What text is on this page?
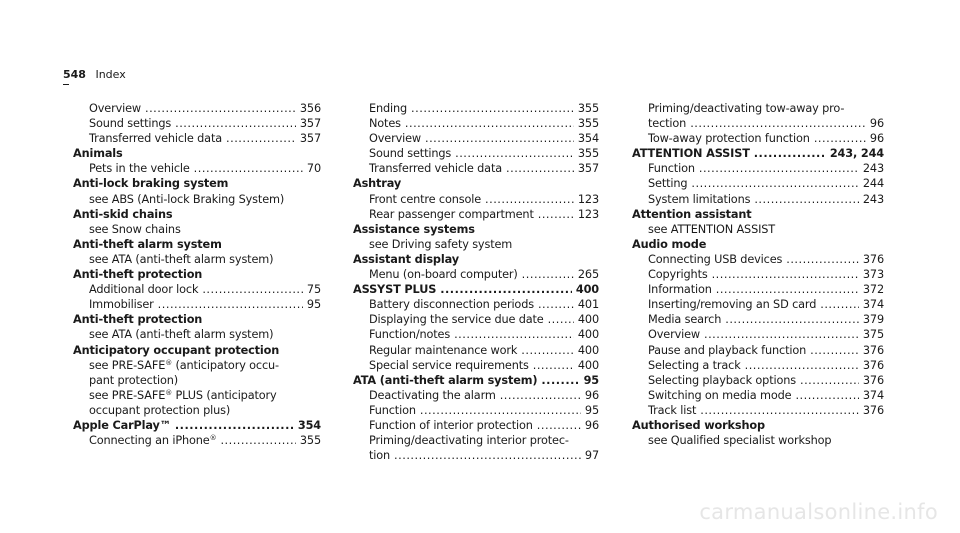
548 Index
Overview .....	356
Sound settings .....	357
Transferred vehicle data .....	357
Animals
Pets in the vehicle .....	70
Anti-lock braking system
see ABS (Anti-lock Braking System)
Anti-skid chains
see Snow chains
Anti-theft alarm system
see ATA (anti-theft alarm system)
Anti-theft protection
Additional door lock .....	75
Immobiliser .....	95
Anti-theft protection
see ATA (anti-theft alarm system)
Anticipatory occupant protection
see PRE-SAFE® (anticipatory occu-
pant protection)
see PRE-SAFE® PLUS (anticipatory
occupant protection plus)
Apple CarPlay™ .....	354
Connecting an iPhone® .....	355
Ending .....	355
Notes .....	355
Overview .....	354
Sound settings .....	355
Transferred vehicle data .....	357
Ashtray
Front centre console .....	123
Rear passenger compartment .....	123
Assistance systems
see Driving safety system
Assistant display
Menu (on-board computer) .....	265
ASSYST PLUS .....	400
Battery disconnection periods .....	401
Displaying the service due date .....	400
Function/notes .....	400
Regular maintenance work .....	400
Special service requirements .....	400
ATA (anti-theft alarm system) .....	95
Deactivating the alarm .....	96
Function .....	95
Function of interior protection .....	96
Priming/deactivating interior protec-
tion .....	97
Priming/deactivating tow-away pro-
tection .....	96
Tow-away protection function .....	96
ATTENTION ASSIST .....	243, 244
Function .....	243
Setting .....	244
System limitations .....	243
Attention assistant
see ATTENTION ASSIST
Audio mode
Connecting USB devices .....	376
Copyrights .....	373
Information .....	372
Inserting/removing an SD card .....	374
Media search .....	379
Overview .....	375
Pause and playback function .....	376
Selecting a track .....	376
Selecting playback options .....	376
Switching on media mode .....	374
Track list .....	376
Authorised workshop
see Qualified specialist workshop
carmanualsonline.info
